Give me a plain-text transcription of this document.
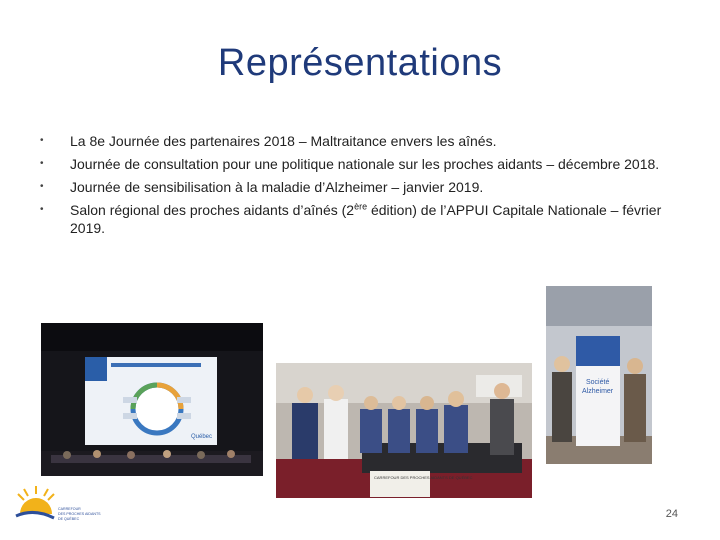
Représentations
•	La 8e Journée des partenaires 2018 – Maltraitance envers les aînés.
•	Journée de consultation pour une politique nationale sur les proches aidants – décembre 2018.
•	Journée de sensibilisation à la maladie d’Alzheimer – janvier 2019.
•	Salon régional des proches aidants d’aînés (2ère édition) de l’APPUI Capitale Nationale – février 2019.
Québec
CARREFOUR DES PROCHES AIDANTS DE QUÉBEC
Société
Alzheimer
CARREFOUR
DES PROCHES AIDANTS
DE QUÉBEC	24
